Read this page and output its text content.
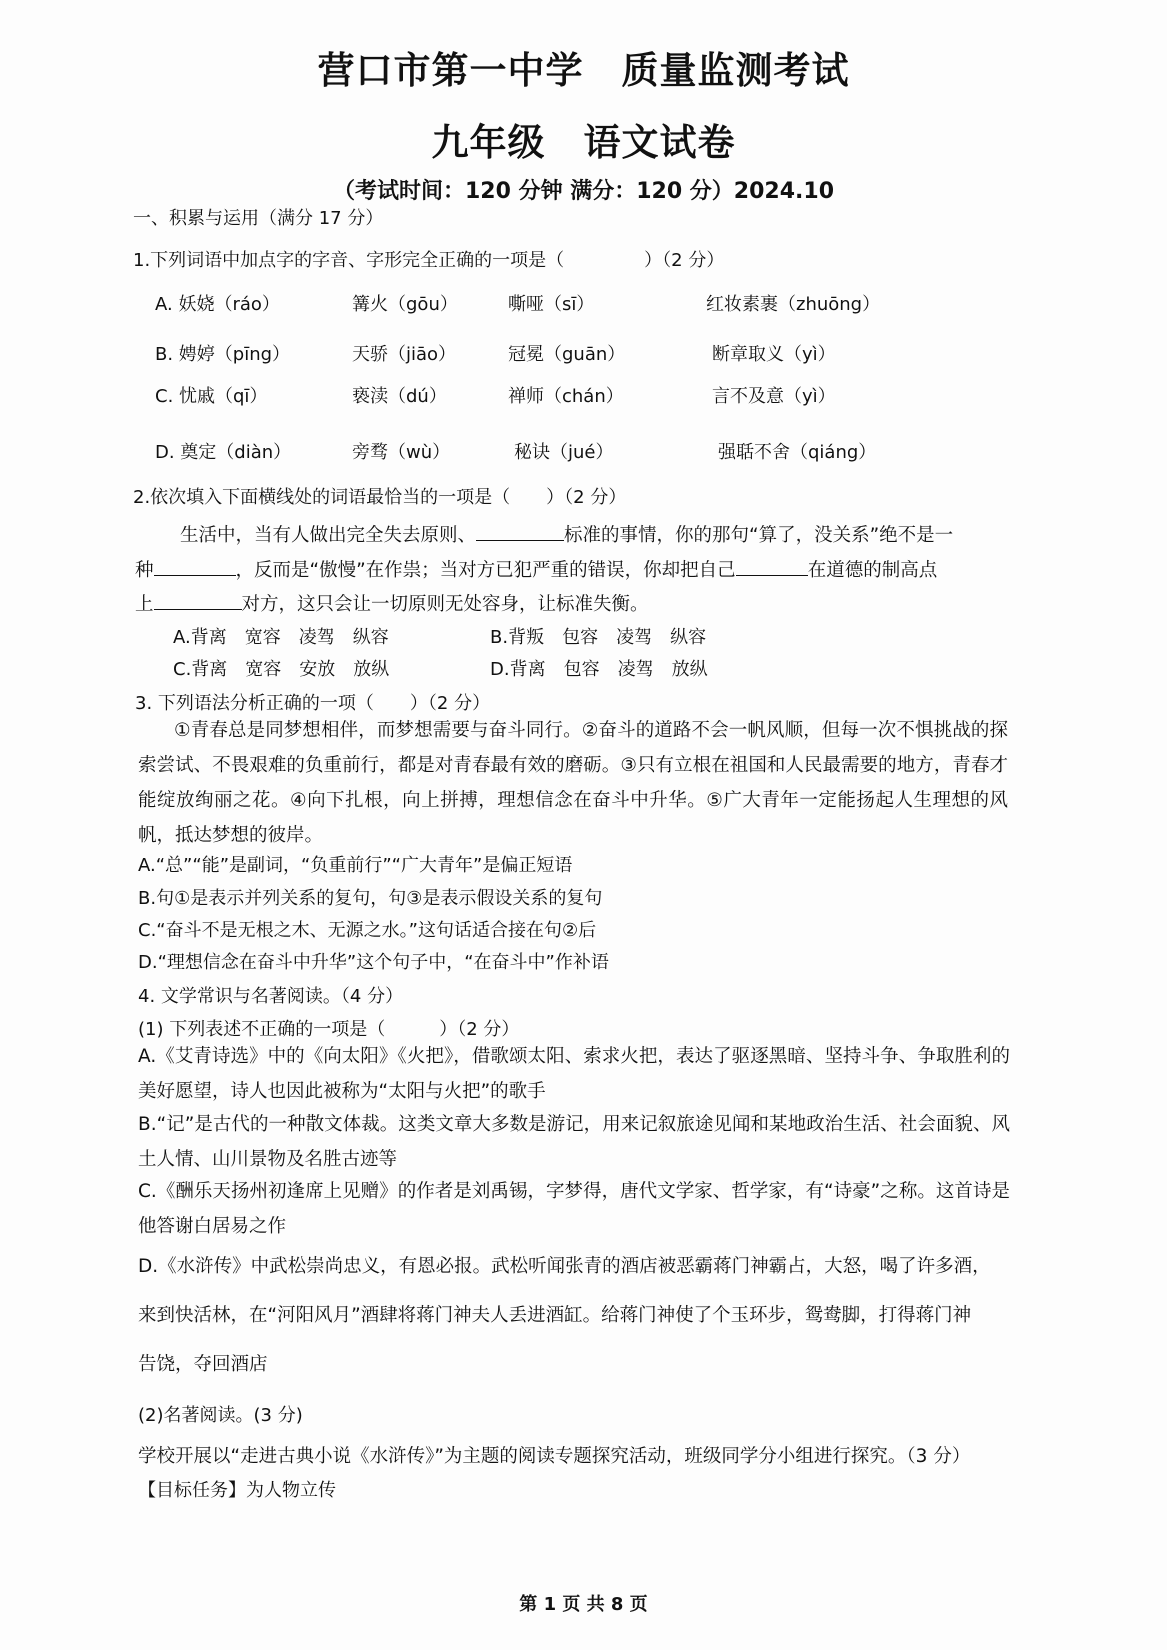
营口市第一中学　质量监测考试
九年级　语文试卷
（考试时间：120 分钟 满分：120 分）2024.10
一、积累与运用（满分 17 分）
1.下列词语中加点字的字音、字形完全正确的一项是（	）（2 分）
A. 妖娆（ráo）	篝火（gōu）	嘶哑（sī）	红妆素裹（zhuōng）
B. 娉婷（pīng）	天骄（jiāo）	冠冕（guān）	断章取义（yì）
C. 忧戚（qī）	亵渎（dú）	禅师（chán）	言不及意（yì）
D. 奠定（diàn）	旁骛（wù）	秘诀（jué）	强聒不舍（qiáng）
2.依次填入下面横线处的词语最恰当的一项是（　　）（2 分）
生活中，当有人做出完全失去原则、	标准的事情，你的那句“算了，没关系”绝不是一
种	，反而是“傲慢”在作祟；当对方已犯严重的错误，你却把自己	在道德的制高点
上	对方，这只会让一切原则无处容身，让标准失衡。
A.背离　宽容　凌驾　纵容	B.背叛　包容　凌驾　纵容
C.背离　宽容　安放　放纵	D.背离　包容　凌驾　放纵
3. 下列语法分析正确的一项（　　）（2 分）
①青春总是同梦想相伴，而梦想需要与奋斗同行。②奋斗的道路不会一帆风顺，但每一次不惧挑战的探索尝试、不畏艰难的负重前行，都是对青春最有效的磨砺。③只有立根在祖国和人民最需要的地方，青春才能绽放绚丽之花。④向下扎根，向上拼搏，理想信念在奋斗中升华。⑤广大青年一定能扬起人生理想的风帆，抵达梦想的彼岸。
A.“总”“能”是副词，“负重前行”“广大青年”是偏正短语
B.句①是表示并列关系的复句，句③是表示假设关系的复句
C.“奋斗不是无根之木、无源之水。”这句话适合接在句②后
D.“理想信念在奋斗中升华”这个句子中，“在奋斗中”作补语
4. 文学常识与名著阅读。（4 分）
(1) 下列表述不正确的一项是（　　　）（2 分）
A.《艾青诗选》中的《向太阳》《火把》，借歌颂太阳、索求火把，表达了驱逐黑暗、坚持斗争、争取胜利的美好愿望，诗人也因此被称为“太阳与火把”的歌手
B.“记”是古代的一种散文体裁。这类文章大多数是游记，用来记叙旅途见闻和某地政治生活、社会面貌、风土人情、山川景物及名胜古迹等
C.《酬乐天扬州初逢席上见赠》的作者是刘禹锡，字梦得，唐代文学家、哲学家，有“诗豪”之称。这首诗是他答谢白居易之作
D.《水浒传》中武松崇尚忠义，有恩必报。武松听闻张青的酒店被恶霸蒋门神霸占，大怒，喝了许多酒，
来到快活林，在“河阳风月”酒肆将蒋门神夫人丢进酒缸。给蒋门神使了个玉环步，鸳鸯脚，打得蒋门神
告饶，夺回酒店
(2)名著阅读。(3 分)
学校开展以“走进古典小说《水浒传》”为主题的阅读专题探究活动，班级同学分小组进行探究。（3 分）
【目标任务】为人物立传
第 1 页 共 8 页
